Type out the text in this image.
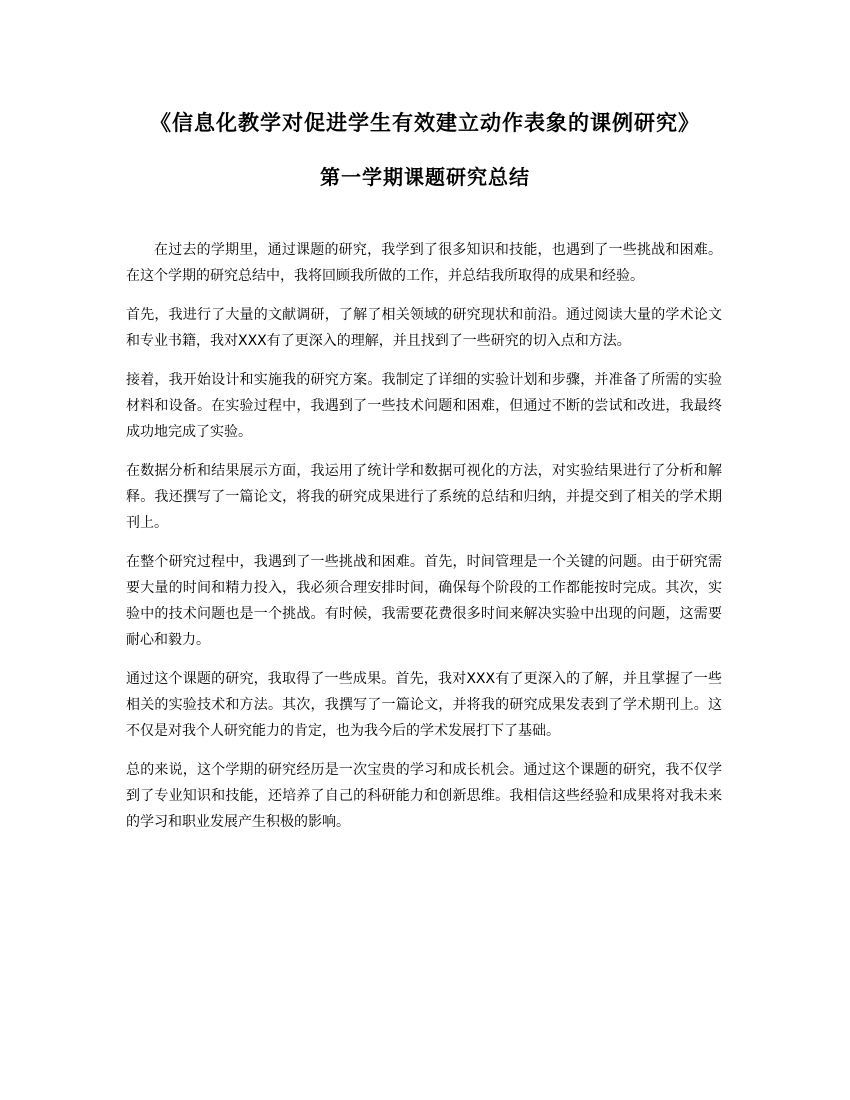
《信息化教学对促进学生有效建立动作表象的课例研究》
第一学期课题研究总结

在过去的学期里，通过课题的研究，我学到了很多知识和技能，也遇到了一些挑战和困难。在这个学期的研究总结中，我将回顾我所做的工作，并总结我所取得的成果和经验。

首先，我进行了大量的文献调研，了解了相关领域的研究现状和前沿。通过阅读大量的学术论文和专业书籍，我对XXX有了更深入的理解，并且找到了一些研究的切入点和方法。

接着，我开始设计和实施我的研究方案。我制定了详细的实验计划和步骤，并准备了所需的实验材料和设备。在实验过程中，我遇到了一些技术问题和困难，但通过不断的尝试和改进，我最终成功地完成了实验。

在数据分析和结果展示方面，我运用了统计学和数据可视化的方法，对实验结果进行了分析和解释。我还撰写了一篇论文，将我的研究成果进行了系统的总结和归纳，并提交到了相关的学术期刊上。

在整个研究过程中，我遇到了一些挑战和困难。首先，时间管理是一个关键的问题。由于研究需要大量的时间和精力投入，我必须合理安排时间，确保每个阶段的工作都能按时完成。其次，实验中的技术问题也是一个挑战。有时候，我需要花费很多时间来解决实验中出现的问题，这需要耐心和毅力。

通过这个课题的研究，我取得了一些成果。首先，我对XXX有了更深入的了解，并且掌握了一些相关的实验技术和方法。其次，我撰写了一篇论文，并将我的研究成果发表到了学术期刊上。这不仅是对我个人研究能力的肯定，也为我今后的学术发展打下了基础。

总的来说，这个学期的研究经历是一次宝贵的学习和成长机会。通过这个课题的研究，我不仅学到了专业知识和技能，还培养了自己的科研能力和创新思维。我相信这些经验和成果将对我未来的学习和职业发展产生积极的影响。
